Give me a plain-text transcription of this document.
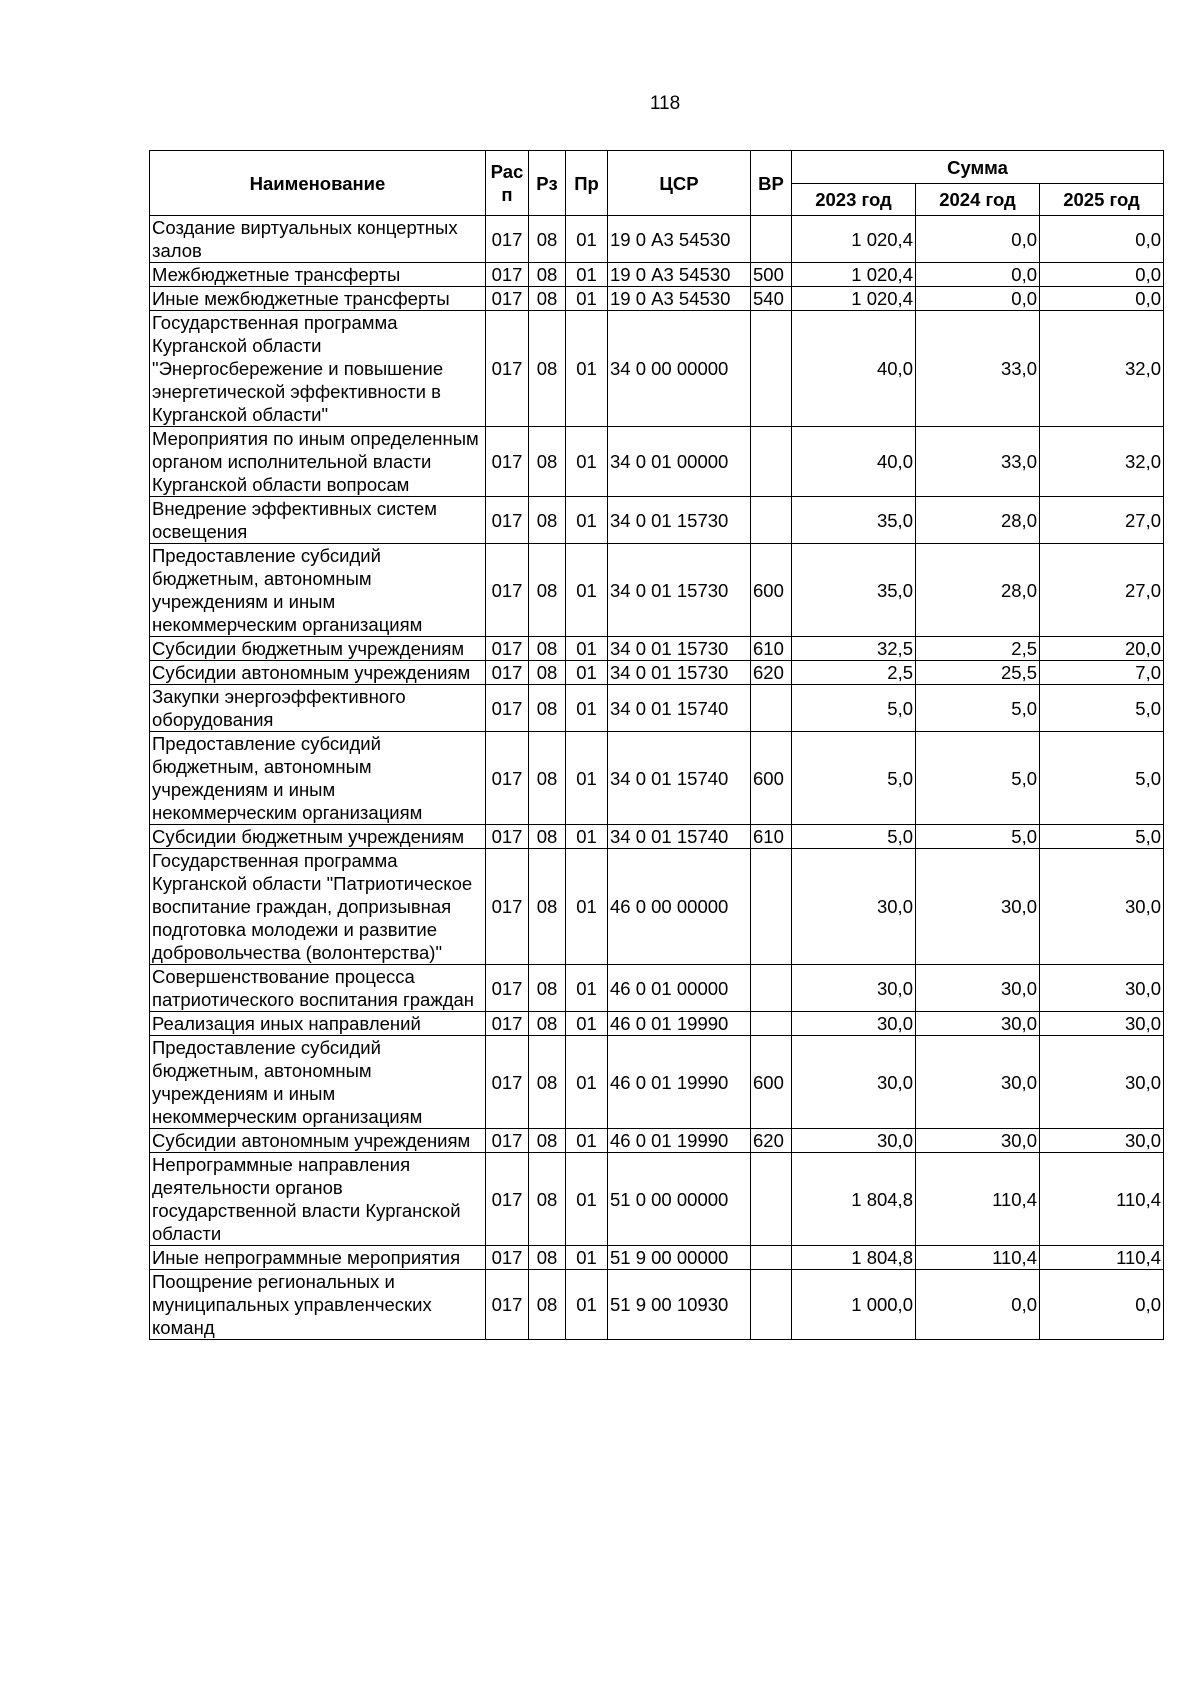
118
Наименование	Рас п	Рз	Пр	ЦСР	ВР	Сумма		
						2023 год	2024 год	2025 год
Создание виртуальных концертных залов	017	08	01	19 0 А3 54530		1 020,4	0,0	0,0
Межбюджетные трансферты	017	08	01	19 0 А3 54530	500	1 020,4	0,0	0,0
Иные межбюджетные трансферты	017	08	01	19 0 А3 54530	540	1 020,4	0,0	0,0
Государственная программа Курганской области "Энергосбережение и повышение энергетической эффективности в Курганской области"	017	08	01	34 0 00 00000		40,0	33,0	32,0
Мероприятия по иным определенным органом исполнительной власти Курганской области вопросам	017	08	01	34 0 01 00000		40,0	33,0	32,0
Внедрение эффективных систем освещения	017	08	01	34 0 01 15730		35,0	28,0	27,0
Предоставление субсидий бюджетным, автономным учреждениям и иным некоммерческим организациям	017	08	01	34 0 01 15730	600	35,0	28,0	27,0
Субсидии бюджетным учреждениям	017	08	01	34 0 01 15730	610	32,5	2,5	20,0
Субсидии автономным учреждениям	017	08	01	34 0 01 15730	620	2,5	25,5	7,0
Закупки энергоэффективного оборудования	017	08	01	34 0 01 15740		5,0	5,0	5,0
Предоставление субсидий бюджетным, автономным учреждениям и иным некоммерческим организациям	017	08	01	34 0 01 15740	600	5,0	5,0	5,0
Субсидии бюджетным учреждениям	017	08	01	34 0 01 15740	610	5,0	5,0	5,0
Государственная программа Курганской области "Патриотическое воспитание граждан, допризывная подготовка молодежи и развитие добровольчества (волонтерства)"	017	08	01	46 0 00 00000		30,0	30,0	30,0
Совершенствование процесса патриотического воспитания граждан	017	08	01	46 0 01 00000		30,0	30,0	30,0
Реализация иных направлений	017	08	01	46 0 01 19990		30,0	30,0	30,0
Предоставление субсидий бюджетным, автономным учреждениям и иным некоммерческим организациям	017	08	01	46 0 01 19990	600	30,0	30,0	30,0
Субсидии автономным учреждениям	017	08	01	46 0 01 19990	620	30,0	30,0	30,0
Непрограммные направления деятельности органов государственной власти Курганской области	017	08	01	51 0 00 00000		1 804,8	110,4	110,4
Иные непрограммные мероприятия	017	08	01	51 9 00 00000		1 804,8	110,4	110,4
Поощрение региональных и муниципальных управленческих команд	017	08	01	51 9 00 10930		1 000,0	0,0	0,0
